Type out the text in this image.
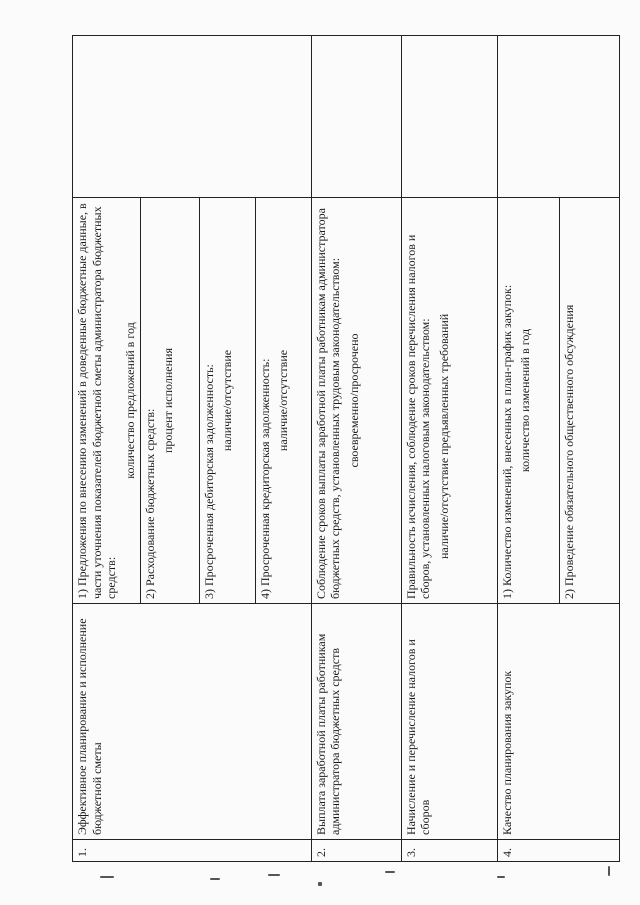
1.	Эффективное планирование и исполнение бюджетной сметы	1) Предложения по внесению изменений в доведенные бюджетные данные, в части уточнения показателей бюджетной сметы администратора бюджетных средств:
количество предложений в год	

		2) Расходование бюджетных средств:
процент исполнения	

		3) Просроченная дебиторская задолженность: наличие/отсутствие	

		4) Просроченная кредиторская задолженность: наличие/отсутствие	

2.	Выплата заработной платы работникам администратора бюджетных средств	Соблюдение сроков выплаты заработной платы работникам администратора бюджетных средств, установленных трудовым законодательством: своевременно/просрочено	

3.	Начисление и перечисление налогов и сборов	Правильность исчисления, соблюдение сроков перечисления налогов и сборов, установленных налоговым законодательством: наличие/отсутствие предъявленных требований	

4.	Качество планирования закупок	1) Количество изменений, внесенных в план-график закупок: количество изменений в год	

		2) Проведение обязательного общественного обсуждения	
